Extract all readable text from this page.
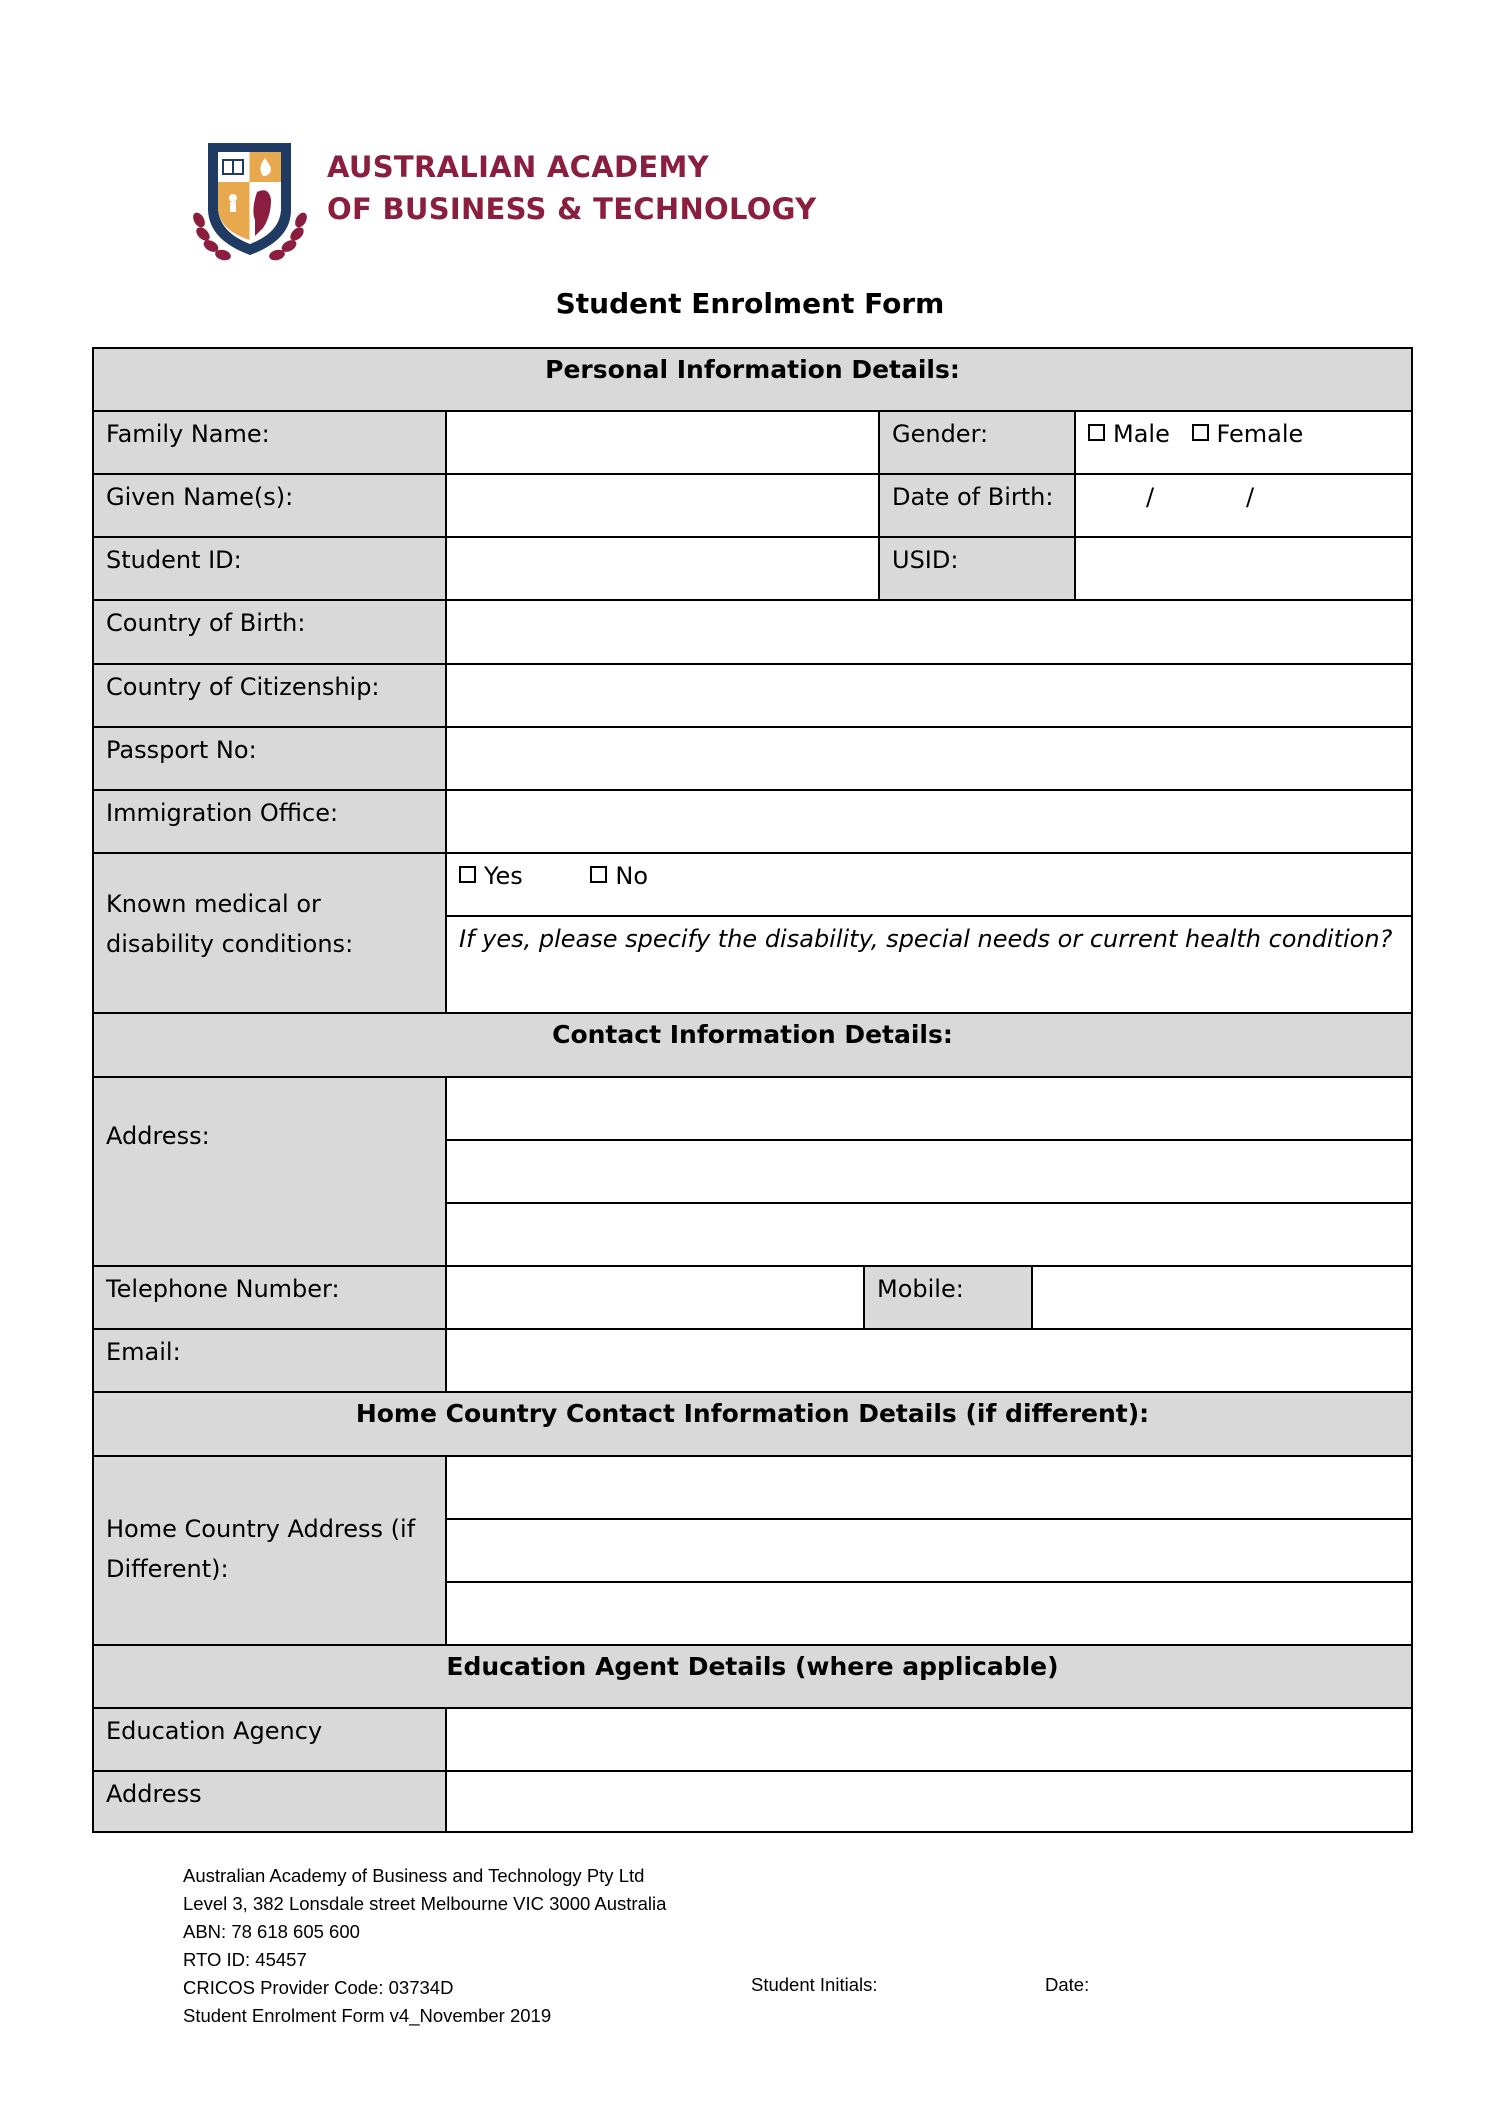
AUSTRALIAN ACADEMY
OF BUSINESS & TECHNOLOGY
Student Enrolment Form
Personal Information Details:
Family Name:	Gender:	Male Female
Given Name(s):	Date of Birth:	/	/
Student ID:	USID:
Country of Birth:
Country of Citizenship:
Passport No:
Immigration Office:
Known medical or
disability conditions:
Yes	No
If yes, please specify the disability, special needs or current health condition?
Contact Information Details:
Address:
Telephone Number:	Mobile:
Email:
Home Country Contact Information Details (if different):
Home Country Address (if
Different):
Education Agent Details (where applicable)
Education Agency
Address
Australian Academy of Business and Technology Pty Ltd
Level 3, 382 Lonsdale street Melbourne VIC 3000 Australia
ABN: 78 618 605 600
RTO ID: 45457
CRICOS Provider Code: 03734D
Student Enrolment Form v4_November 2019
Student Initials:	Date:
